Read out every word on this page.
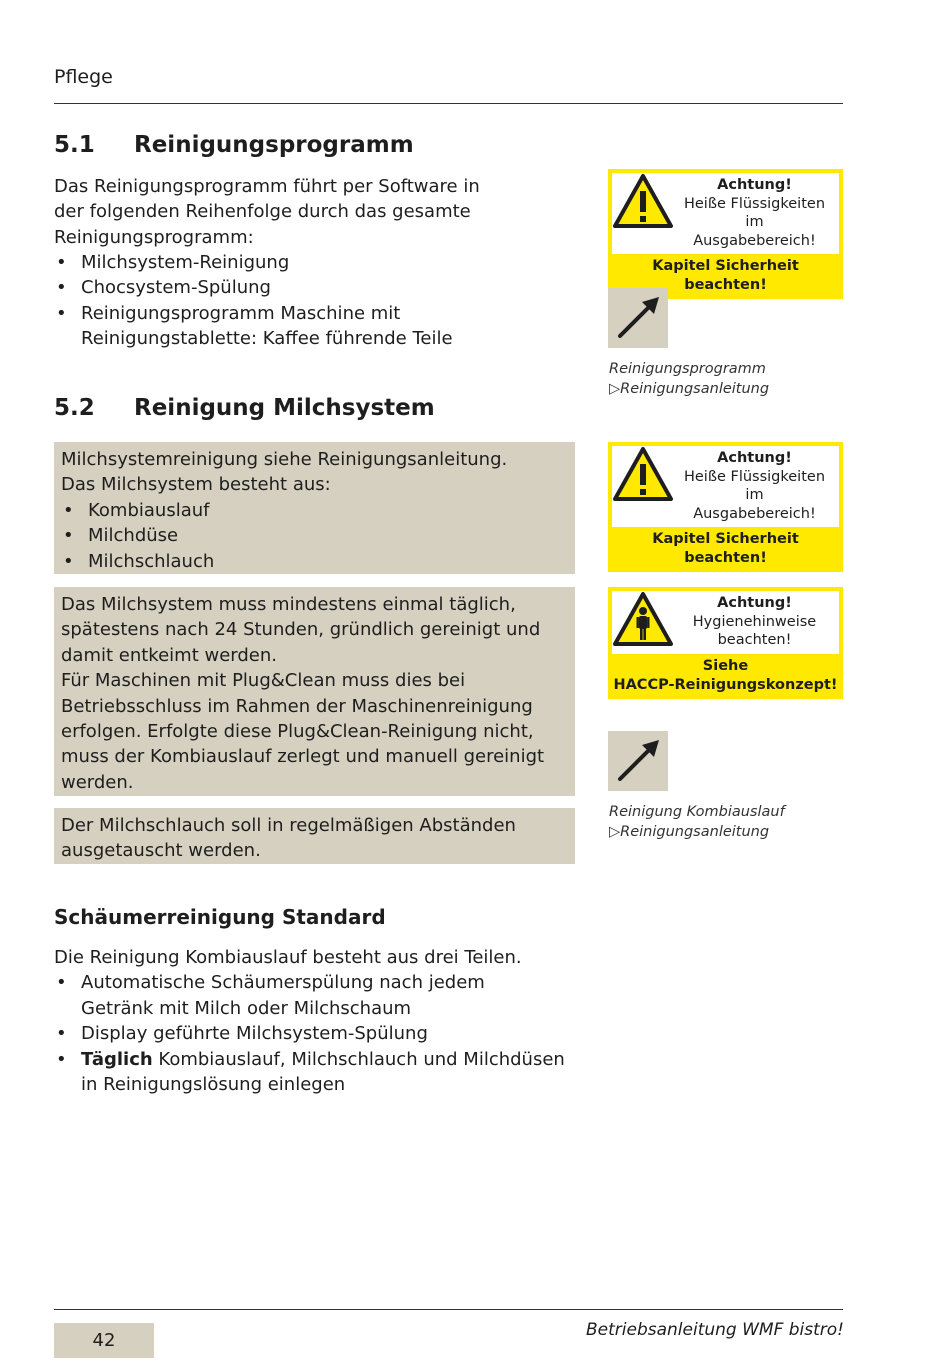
Pflege
5.1 Reinigungsprogramm

Das Reinigungsprogramm führt per Software in der folgenden Reihenfolge durch das gesamte Reinigungsprogramm:

• Milchsystem-Reinigung
• Chocsystem-Spülung
• Reinigungsprogramm Maschine mit Reinigungstablette: Kaffee führende Teile
5.2 Reinigung Milchsystem

Milchsystemreinigung siehe Reinigungsanleitung.

Das Milchsystem besteht aus:

• Kombiauslauf
• Milchdüse
• Milchschlauch

Das Milchsystem muss mindestens einmal täglich, spätestens nach 24 Stunden, gründlich gereinigt und damit entkeimt werden.

Für Maschinen mit Plug&Clean muss dies bei Betriebsschluss im Rahmen der Maschinenreinigung erfolgen. Erfolgte diese Plug&Clean-Reinigung nicht, muss der Kombiauslauf zerlegt und manuell gereinigt werden.

Der Milchschlauch soll in regelmäßigen Abständen ausgetauscht werden.

Schäumerreinigung Standard

Die Reinigung Kombiauslauf besteht aus drei Teilen.

• Automatische Schäumerspülung nach jedem Getränk mit Milch oder Milchschaum
• Display geführte Milchsystem-Spülung
• Täglich Kombiauslauf, Milchschlauch und Milchdüsen in Reinigungslösung einlegen
Achtung!
Heiße Flüssigkeiten im
Ausgabebereich!
Kapitel Sicherheit beachten!
Reinigungsprogramm
▷Reinigungsanleitung
Achtung!
Heiße Flüssigkeiten im
Ausgabebereich!
Kapitel Sicherheit beachten!
Achtung!
Hygienehinweise
beachten!
Siehe
HACCP-Reinigungskonzept!
Reinigung Kombiauslauf
▷Reinigungsanleitung
42	Betriebsanleitung WMF bistro!
